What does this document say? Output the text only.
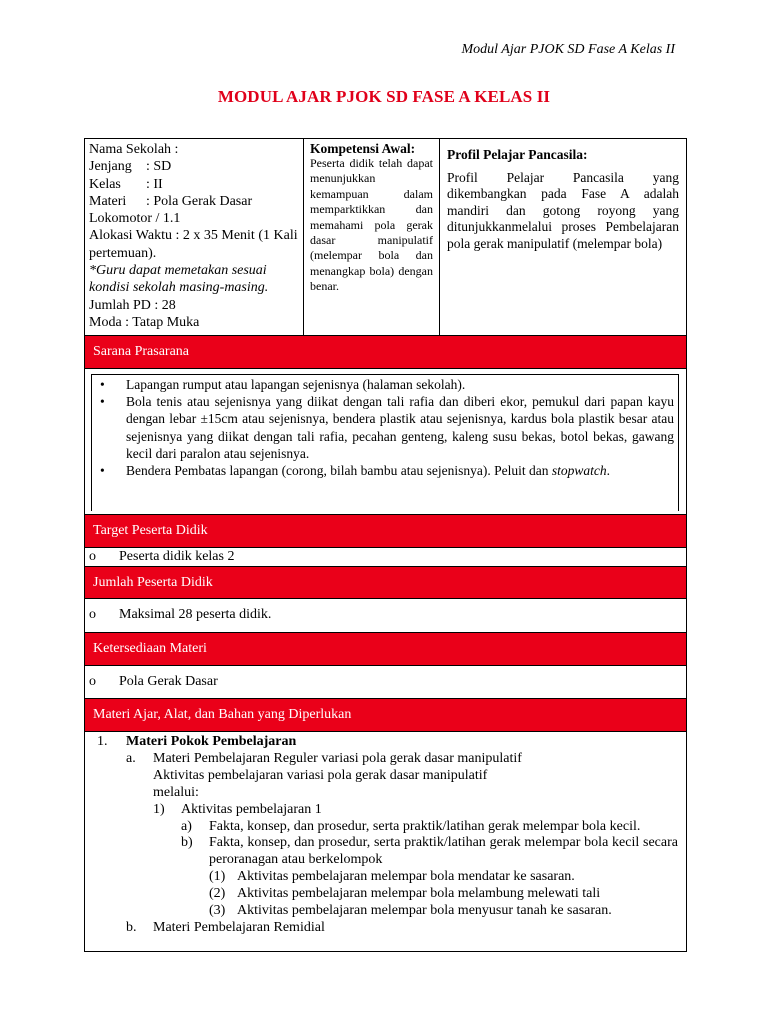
Modul Ajar PJOK SD Fase A Kelas II
MODUL AJAR PJOK SD FASE A KELAS II
Nama Sekolah :
Jenjang : SD
Kelas : II
Materi : Pola Gerak Dasar
Lokomotor / 1.1
Alokasi Waktu : 2 x 35 Menit (1 Kali pertemuan).
*Guru dapat memetakan sesuai kondisi sekolah masing-masing.
Jumlah PD : 28
Moda : Tatap Muka
Kompetensi Awal:
Peserta didik telah dapat menunjukkan kemampuan dalam memparktikkan dan memahami pola gerak dasar manipulatif (melempar bola dan menangkap bola) dengan benar.
Profil Pelajar Pancasila:
Profil Pelajar Pancasila yang dikembangkan pada Fase A adalah mandiri dan gotong royong yang ditunjukkanmelalui proses Pembelajaran pola gerak manipulatif (melempar bola)
Sarana Prasarana
• Lapangan rumput atau lapangan sejenisnya (halaman sekolah).
• Bola tenis atau sejenisnya yang diikat dengan tali rafia dan diberi ekor, pemukul dari papan kayu dengan lebar ±15cm atau sejenisnya, bendera plastik atau sejenisnya, kardus bola plastik besar atau sejenisnya yang diikat dengan tali rafia, pecahan genteng, kaleng susu bekas, botol bekas, gawang kecil dari paralon atau sejenisnya.
• Bendera Pembatas lapangan (corong, bilah bambu atau sejenisnya). Peluit dan stopwatch.
Target Peserta Didik
o	Peserta didik kelas 2
Jumlah Peserta Didik
o	Maksimal 28 peserta didik.
Ketersediaan Materi
o	Pola Gerak Dasar
Materi Ajar, Alat, dan Bahan yang Diperlukan
1.	Materi Pokok Pembelajaran
a.	Materi Pembelajaran Reguler variasi pola gerak dasar manipulatif
Aktivitas pembelajaran variasi pola gerak dasar manipulatif
melalui:
1)	Aktivitas pembelajaran 1
a)	Fakta, konsep, dan prosedur, serta praktik/latihan gerak melempar bola kecil.
b)	Fakta, konsep, dan prosedur, serta praktik/latihan gerak melempar bola kecil secara peroranagan atau berkelompok
(1) Aktivitas pembelajaran melempar bola mendatar ke sasaran.
(2) Aktivitas pembelajaran melempar bola melambung melewati tali
(3) Aktivitas pembelajaran melempar bola menyusur tanah ke sasaran.
b.	Materi Pembelajaran Remidial
